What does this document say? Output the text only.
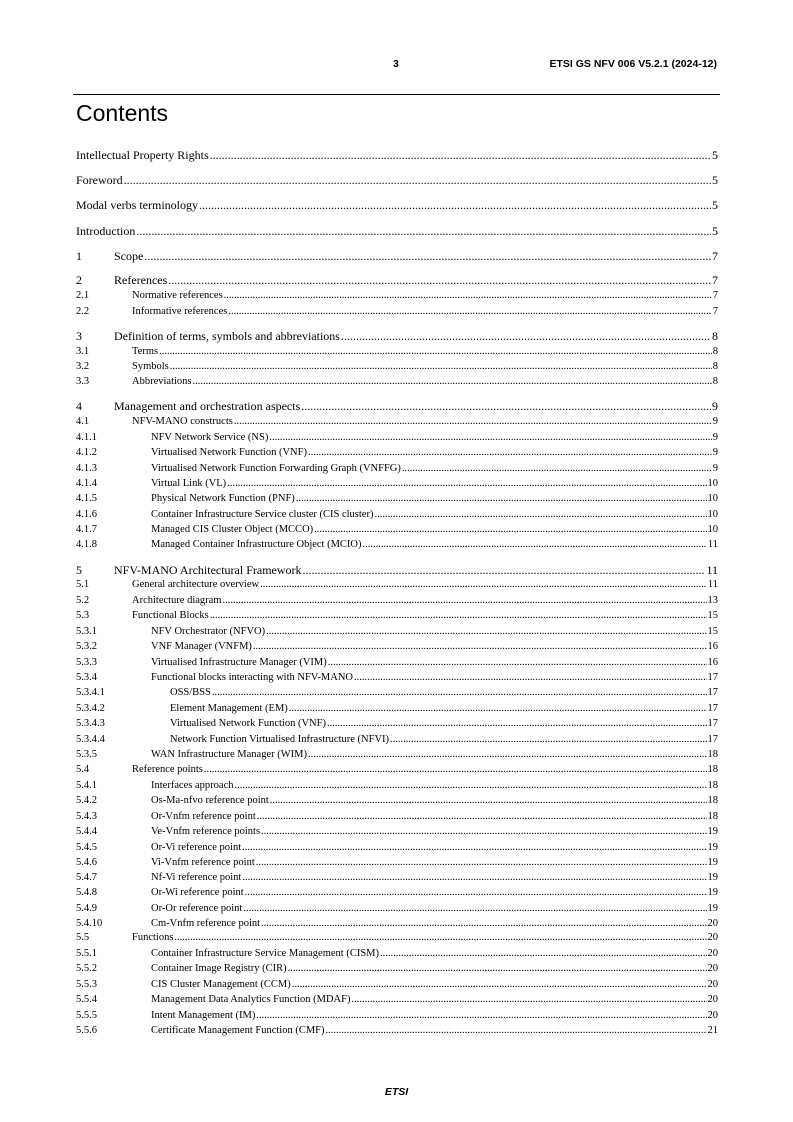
3	ETSI GS NFV 006 V5.2.1 (2024-12)
Contents
Intellectual Property Rights .....	5
Foreword .....	5
Modal verbs terminology .....	5
Introduction .....	5
1	Scope .....	7
2	References .....	7
2.1	Normative references .....	7
2.2	Informative references .....	7
3	Definition of terms, symbols and abbreviations .....	8
3.1	Terms .....	8
3.2	Symbols .....	8
3.3	Abbreviations .....	8
4	Management and orchestration aspects .....	9
4.1	NFV-MANO constructs .....	9
4.1.1	NFV Network Service (NS) .....	9
4.1.2	Virtualised Network Function (VNF) .....	9
4.1.3	Virtualised Network Function Forwarding Graph (VNFFG) .....	9
4.1.4	Virtual Link (VL) .....	10
4.1.5	Physical Network Function (PNF) .....	10
4.1.6	Container Infrastructure Service cluster (CIS cluster) .....	10
4.1.7	Managed CIS Cluster Object (MCCO) .....	10
4.1.8	Managed Container Infrastructure Object (MCIO) .....	11
5	NFV-MANO Architectural Framework .....	11
5.1	General architecture overview .....	11
5.2	Architecture diagram .....	13
5.3	Functional Blocks .....	15
5.3.1	NFV Orchestrator (NFVO) .....	15
5.3.2	VNF Manager (VNFM) .....	16
5.3.3	Virtualised Infrastructure Manager (VIM) .....	16
5.3.4	Functional blocks interacting with NFV-MANO .....	17
5.3.4.1	OSS/BSS .....	17
5.3.4.2	Element Management (EM) .....	17
5.3.4.3	Virtualised Network Function (VNF) .....	17
5.3.4.4	Network Function Virtualised Infrastructure (NFVI) .....	17
5.3.5	WAN Infrastructure Manager (WIM) .....	18
5.4	Reference points .....	18
5.4.1	Interfaces approach .....	18
5.4.2	Os-Ma-nfvo reference point .....	18
5.4.3	Or-Vnfm reference point .....	18
5.4.4	Ve-Vnfm reference points .....	19
5.4.5	Or-Vi reference point .....	19
5.4.6	Vi-Vnfm reference point .....	19
5.4.7	Nf-Vi reference point .....	19
5.4.8	Or-Wi reference point .....	19
5.4.9	Or-Or reference point .....	19
5.4.10	Cm-Vnfm reference point .....	20
5.5	Functions .....	20
5.5.1	Container Infrastructure Service Management (CISM) .....	20
5.5.2	Container Image Registry (CIR) .....	20
5.5.3	CIS Cluster Management (CCM) .....	20
5.5.4	Management Data Analytics Function (MDAF) .....	20
5.5.5	Intent Management (IM) .....	20
5.5.6	Certificate Management Function (CMF) .....	21
ETSI
